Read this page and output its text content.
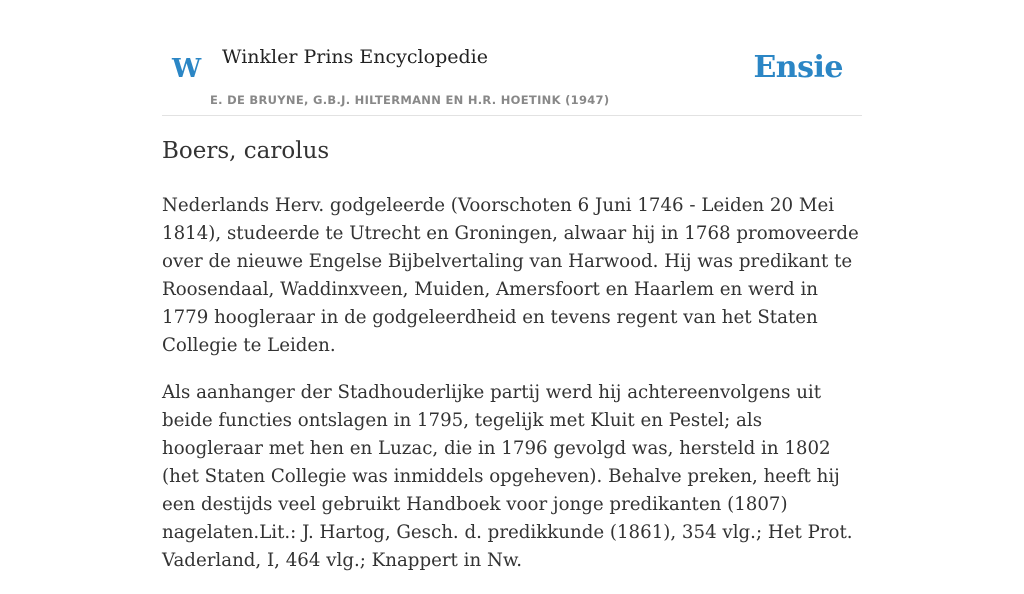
W Winkler Prins Encyclopedie
E. DE BRUYNE, G.B.J. HILTERMANN EN H.R. HOETINK (1947)
Ensie
Boers, carolus

Nederlands Herv. godgeleerde (Voorschoten 6 Juni 1746 - Leiden 20 Mei 1814), studeerde te Utrecht en Groningen, alwaar hij in 1768 promoveerde over de nieuwe Engelse Bijbelvertaling van Harwood. Hij was predikant te Roosendaal, Waddinxveen, Muiden, Amersfoort en Haarlem en werd in 1779 hoogleraar in de godgeleerdheid en tevens regent van het Staten Collegie te Leiden.

Als aanhanger der Stadhouderlijke partij werd hij achtereenvolgens uit beide functies ontslagen in 1795, tegelijk met Kluit en Pestel; als hoogleraar met hen en Luzac, die in 1796 gevolgd was, hersteld in 1802 (het Staten Collegie was inmiddels opgeheven). Behalve preken, heeft hij een destijds veel gebruikt Handboek voor jonge predikanten (1807) nagelaten.Lit.: J. Hartog, Gesch. d. predikkunde (1861), 354 vlg.; Het Prot. Vaderland, I, 464 vlg.; Knappert in Nw.
